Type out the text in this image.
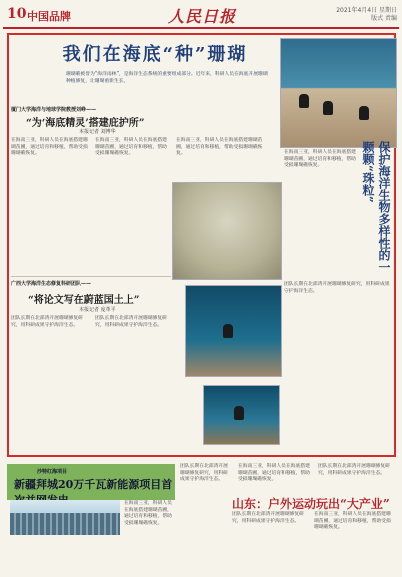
10 中国品牌	人民日报	2021年4月4日 星期日
版式 责编
我们在海底“种”珊瑚
珊瑚礁被誉为“海洋雨林”，是海洋生态系统的重要组成部分。近年来，科研人员在海底开展珊瑚种植修复，让珊瑚重新生长。
保护海洋生物多样性的一颗颗“珠粒”
厦门大学海洋与地球学院教授刘峥——
“为‘海底精灵’搭建庇护所”
本报记者 刘博华
在海南三亚，科研人员在海底搭建珊瑚苗圃，通过培育和移植，帮助受损珊瑚礁恢复。
在海南三亚，科研人员在海底搭建珊瑚苗圃，通过培育和移植，帮助受损珊瑚礁恢复。
在海南三亚，科研人员在海底搭建珊瑚苗圃，通过培育和移植，帮助受损珊瑚礁恢复。	在海南三亚，科研人员在海底搭建珊瑚苗圃，通过培育和移植，帮助受损珊瑚礁恢复。
广西大学海洋生态修复科研团队——
“将论文写在蔚蓝国土上”
本报记者 庞革平
团队长期在北部湾开展珊瑚修复研究，用科研成果守护海洋生态。
团队长期在北部湾开展珊瑚修复研究，用科研成果守护海洋生态。
团队长期在北部湾开展珊瑚修复研究，用科研成果守护海洋生态。
沙特红海项目
新疆拜城20万千瓦新能源项目首
在海南三亚，科研人员在海底搭建珊瑚苗圃，通过培育和移植，帮助受损珊瑚礁恢复。
团队长期在北部湾开展珊瑚修复研究，用科研成果守护海洋生态。
在海南三亚，科研人员在海底搭建珊瑚苗圃，通过培育和移植，帮助受损珊瑚礁恢复。
团队长期在北部湾开展珊瑚修复研究，用科研成果守护海洋生态。
山东：户外运动玩出“大产业”
团队长期在北部湾开展珊瑚修复研究，用科研成果守护海洋生态。
在海南三亚，科研人员在海底搭建珊瑚苗圃，通过培育和移植，帮助受损珊瑚礁恢复。
